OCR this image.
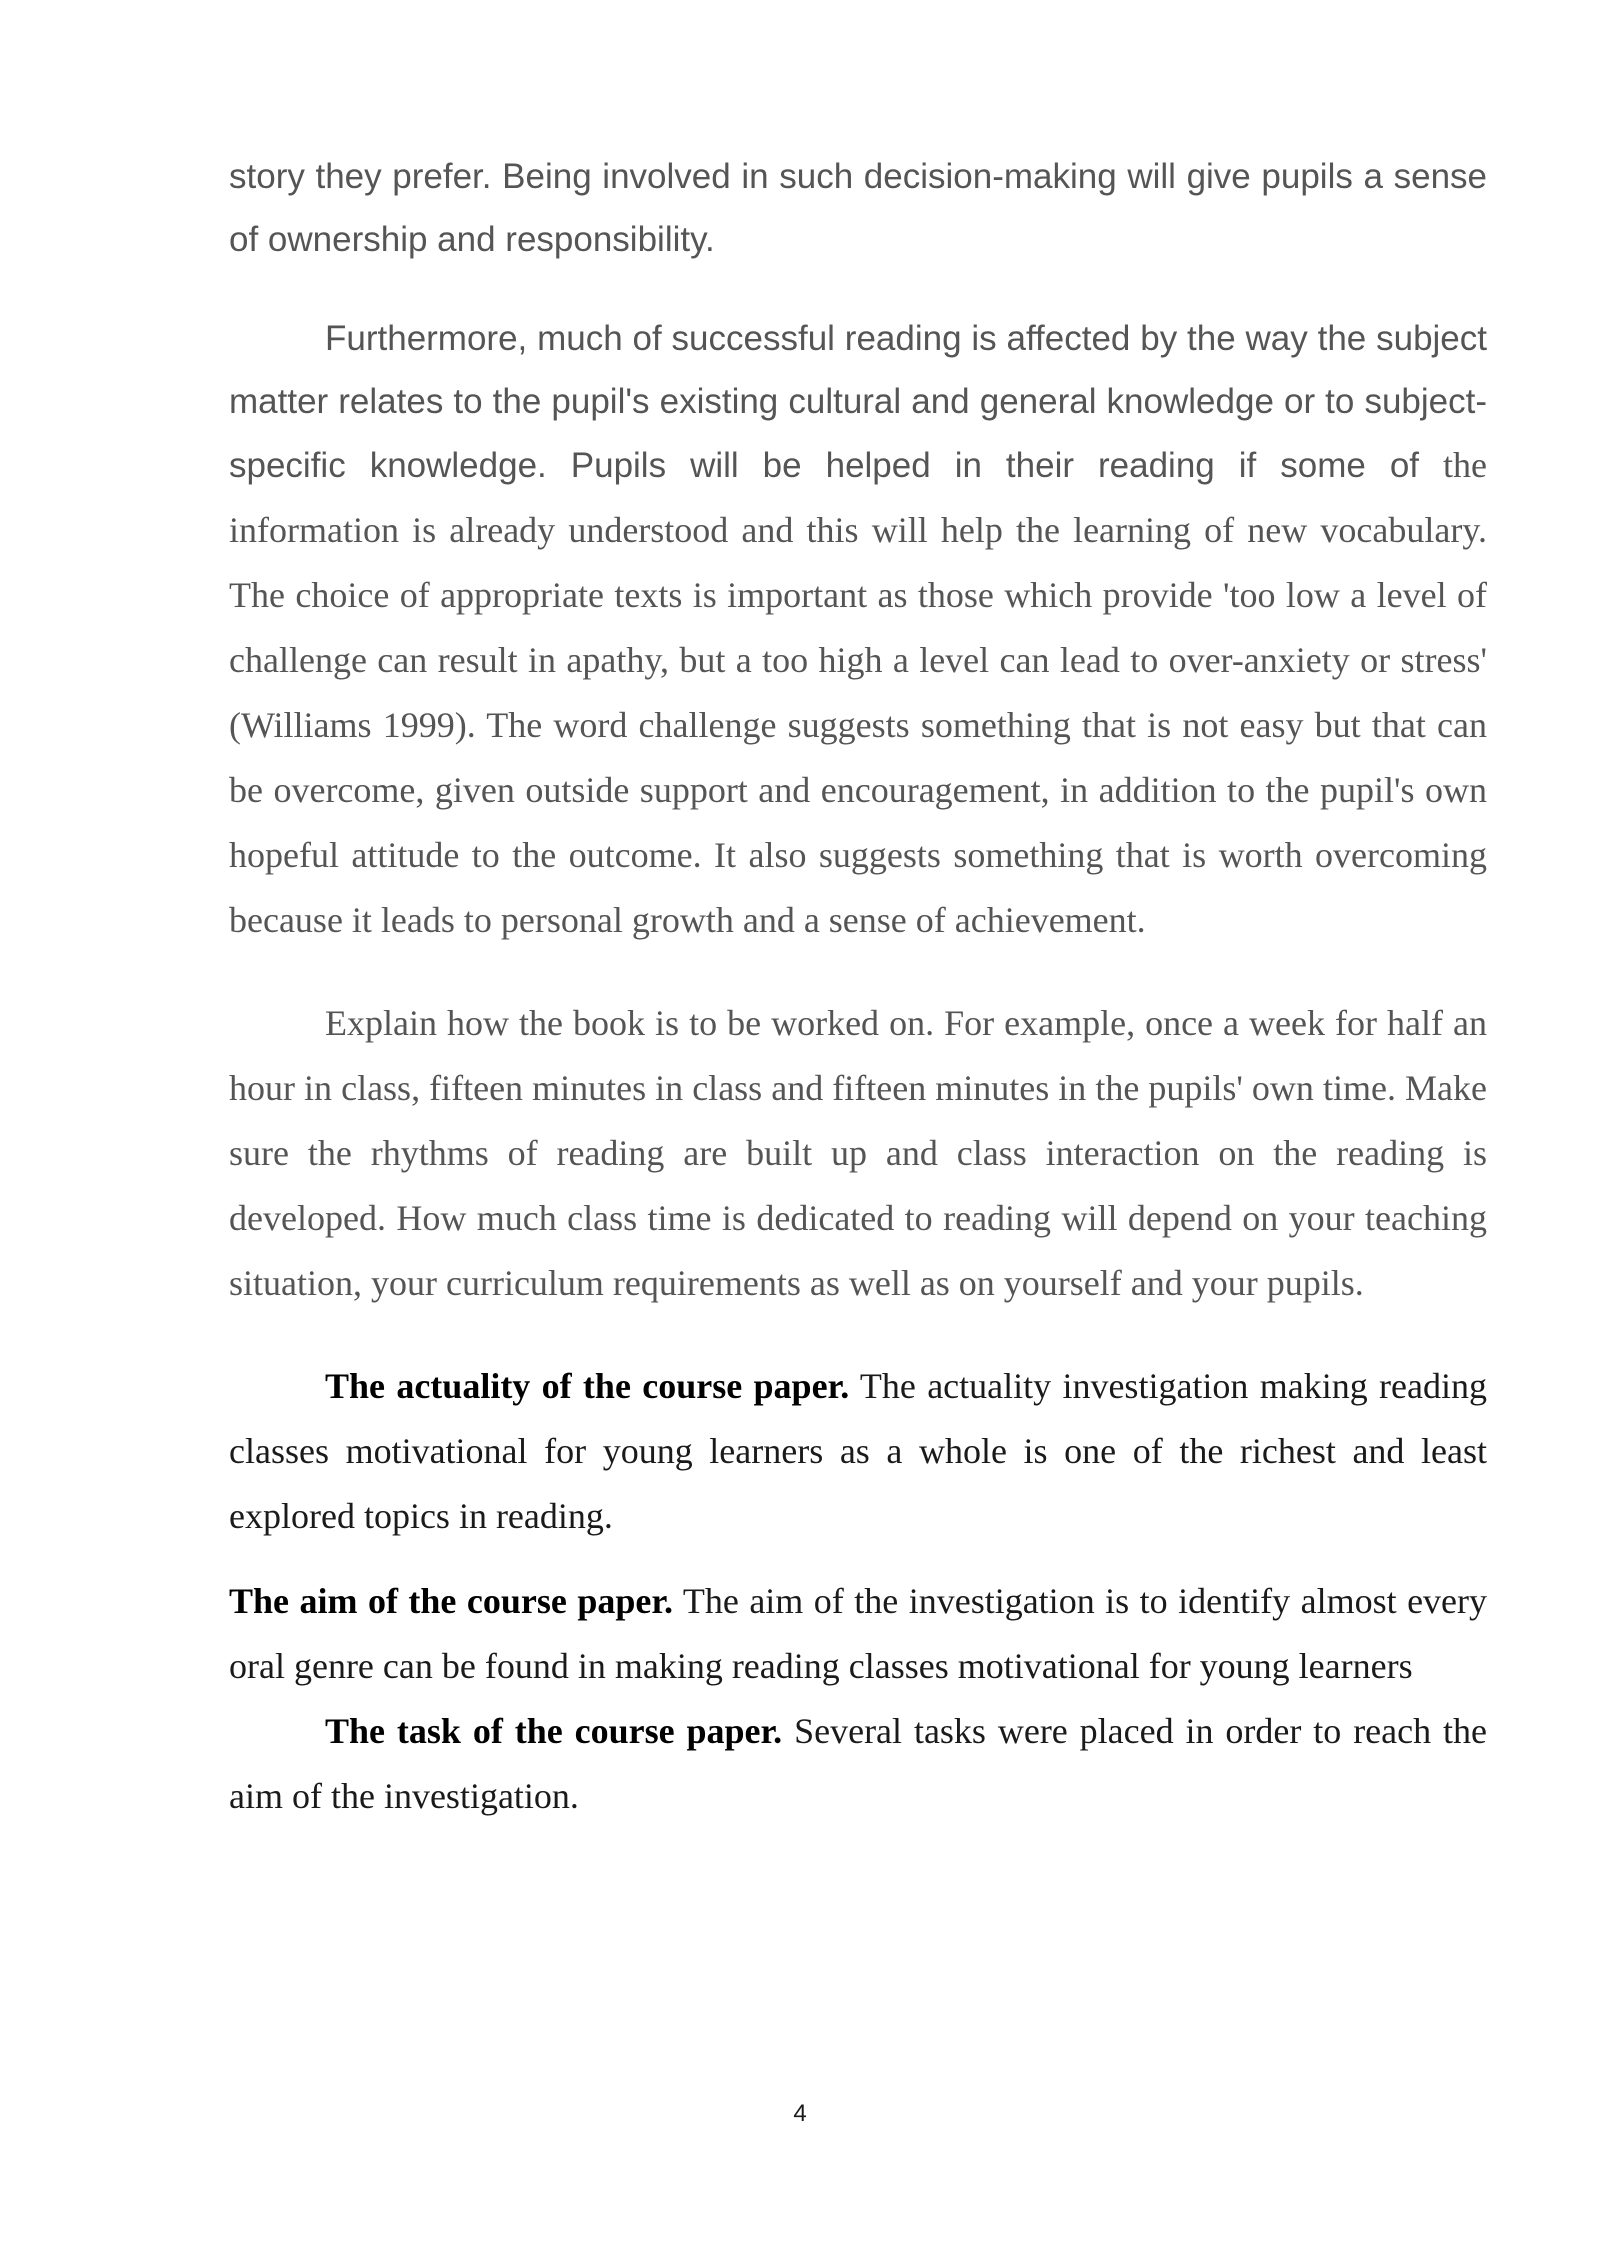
story they prefer. Being involved in such decision-making will give pupils a sense of ownership and responsibility.

Furthermore, much of successful reading is affected by the way the subject matter relates to the pupil's existing cultural and general knowledge or to subject-specific knowledge. Pupils will be helped in their reading if some of the information is already understood and this will help the learning of new vocabulary. The choice of appropriate texts is important as those which provide 'too low a level of challenge can result in apathy, but a too high a level can lead to over-anxiety or stress' (Williams 1999). The word challenge suggests something that is not easy but that can be overcome, given outside support and encouragement, in addition to the pupil's own hopeful attitude to the outcome. It also suggests something that is worth overcoming because it leads to personal growth and a sense of achievement.

Explain how the book is to be worked on. For example, once a week for half an hour in class, fifteen minutes in class and fifteen minutes in the pupils' own time. Make sure the rhythms of reading are built up and class interaction on the reading is developed. How much class time is dedicated to reading will depend on your teaching situation, your curriculum requirements as well as on yourself and your pupils.

The actuality of the course paper. The actuality investigation making reading classes motivational for young learners as a whole is one of the richest and least explored topics in reading.

The aim of the course paper. The aim of the investigation is to identify almost every oral genre can be found in making reading classes motivational for young learners

The task of the course paper. Several tasks were placed in order to reach the aim of the investigation.

4
